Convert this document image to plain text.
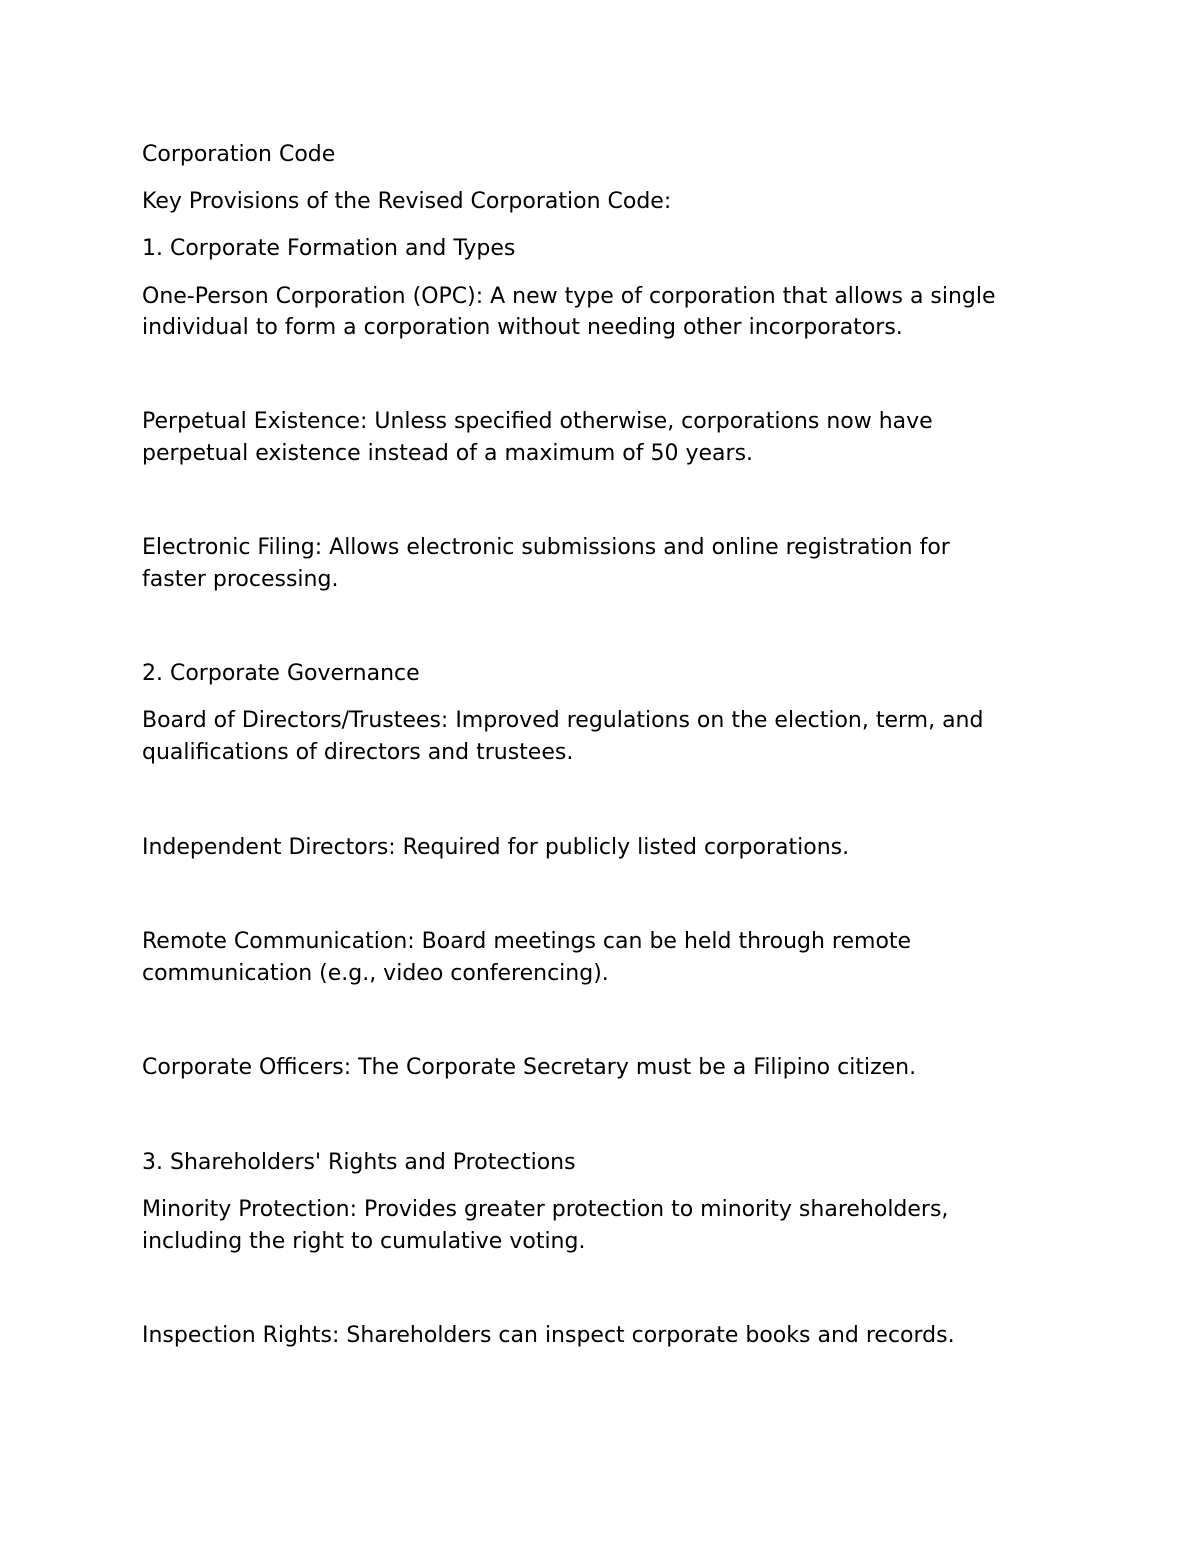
Corporation Code

Key Provisions of the Revised Corporation Code:

1. Corporate Formation and Types

One-Person Corporation (OPC): A new type of corporation that allows a single

individual to form a corporation without needing other incorporators.

Perpetual Existence: Unless specified otherwise, corporations now have

perpetual existence instead of a maximum of 50 years.

Electronic Filing: Allows electronic submissions and online registration for

faster processing.

2. Corporate Governance

Board of Directors/Trustees: Improved regulations on the election, term, and

qualifications of directors and trustees.

Independent Directors: Required for publicly listed corporations.

Remote Communication: Board meetings can be held through remote

communication (e.g., video conferencing).

Corporate Officers: The Corporate Secretary must be a Filipino citizen.

3. Shareholders' Rights and Protections

Minority Protection: Provides greater protection to minority shareholders,

including the right to cumulative voting.

Inspection Rights: Shareholders can inspect corporate books and records.
